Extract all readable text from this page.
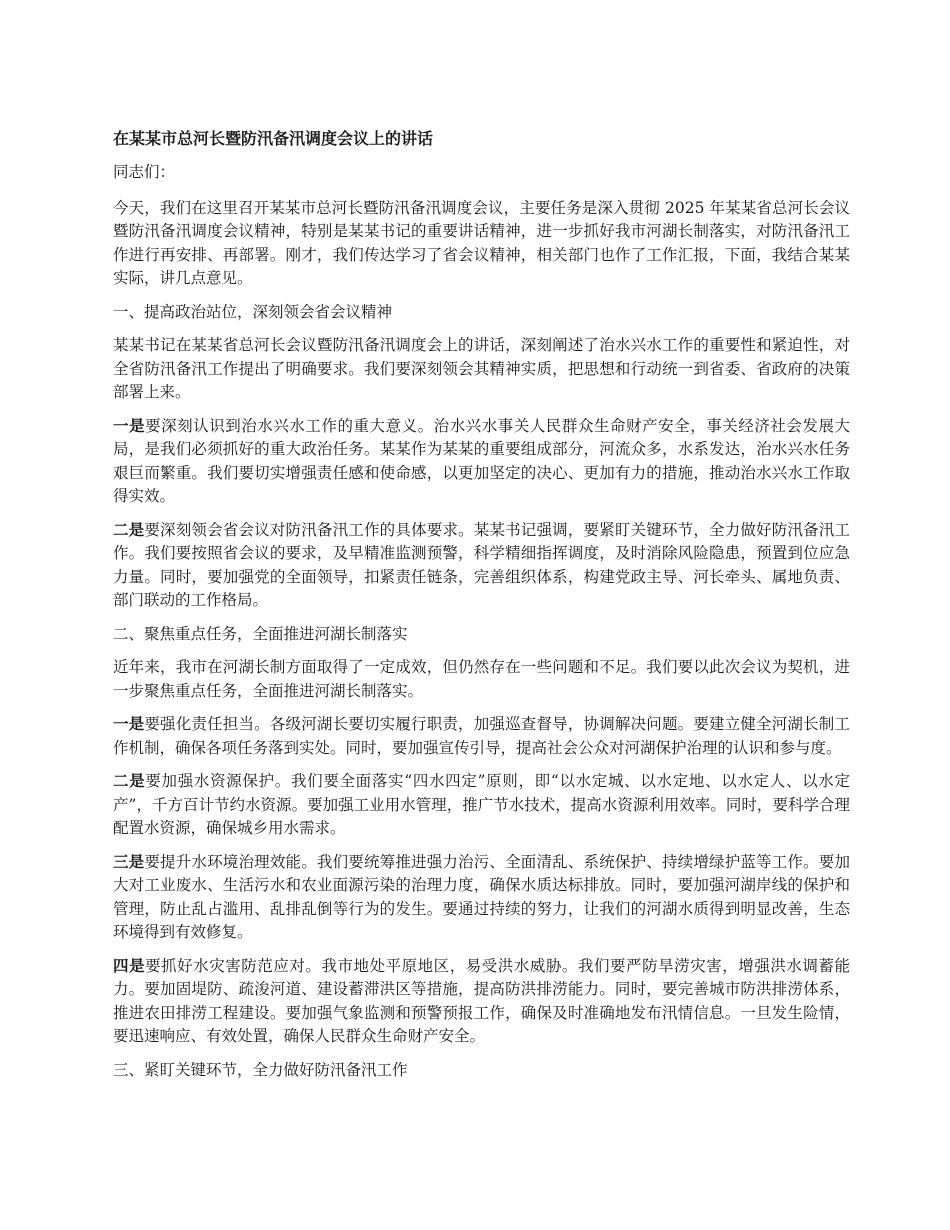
在某某市总河长暨防汛备汛调度会议上的讲话

同志们：

今天，我们在这里召开某某市总河长暨防汛备汛调度会议，主要任务是深入贯彻 2025 年某某省总河长会议暨防汛备汛调度会议精神，特别是某某书记的重要讲话精神，进一步抓好我市河湖长制落实，对防汛备汛工作进行再安排、再部署。刚才，我们传达学习了省会议精神，相关部门也作了工作汇报，下面，我结合某某实际，讲几点意见。

一、提高政治站位，深刻领会省会议精神

某某书记在某某省总河长会议暨防汛备汛调度会上的讲话，深刻阐述了治水兴水工作的重要性和紧迫性，对全省防汛备汛工作提出了明确要求。我们要深刻领会其精神实质，把思想和行动统一到省委、省政府的决策部署上来。

一是要深刻认识到治水兴水工作的重大意义。治水兴水事关人民群众生命财产安全，事关经济社会发展大局，是我们必须抓好的重大政治任务。某某作为某某的重要组成部分，河流众多，水系发达，治水兴水任务艰巨而繁重。我们要切实增强责任感和使命感，以更加坚定的决心、更加有力的措施，推动治水兴水工作取得实效。

二是要深刻领会省会议对防汛备汛工作的具体要求。某某书记强调，要紧盯关键环节，全力做好防汛备汛工作。我们要按照省会议的要求，及早精准监测预警，科学精细指挥调度，及时消除风险隐患，预置到位应急力量。同时，要加强党的全面领导，扣紧责任链条，完善组织体系，构建党政主导、河长牵头、属地负责、部门联动的工作格局。

二、聚焦重点任务，全面推进河湖长制落实

近年来，我市在河湖长制方面取得了一定成效，但仍然存在一些问题和不足。我们要以此次会议为契机，进一步聚焦重点任务，全面推进河湖长制落实。

一是要强化责任担当。各级河湖长要切实履行职责，加强巡查督导，协调解决问题。要建立健全河湖长制工作机制，确保各项任务落到实处。同时，要加强宣传引导，提高社会公众对河湖保护治理的认识和参与度。

二是要加强水资源保护。我们要全面落实“四水四定”原则，即“以水定城、以水定地、以水定人、以水定产”，千方百计节约水资源。要加强工业用水管理，推广节水技术，提高水资源利用效率。同时，要科学合理配置水资源，确保城乡用水需求。

三是要提升水环境治理效能。我们要统筹推进强力治污、全面清乱、系统保护、持续增绿护蓝等工作。要加大对工业废水、生活污水和农业面源污染的治理力度，确保水质达标排放。同时，要加强河湖岸线的保护和管理，防止乱占滥用、乱排乱倒等行为的发生。要通过持续的努力，让我们的河湖水质得到明显改善，生态环境得到有效修复。

四是要抓好水灾害防范应对。我市地处平原地区，易受洪水威胁。我们要严防旱涝灾害，增强洪水调蓄能力。要加固堤防、疏浚河道、建设蓄滞洪区等措施，提高防洪排涝能力。同时，要完善城市防洪排涝体系，推进农田排涝工程建设。要加强气象监测和预警预报工作，确保及时准确地发布汛情信息。一旦发生险情，要迅速响应、有效处置，确保人民群众生命财产安全。

三、紧盯关键环节，全力做好防汛备汛工作
